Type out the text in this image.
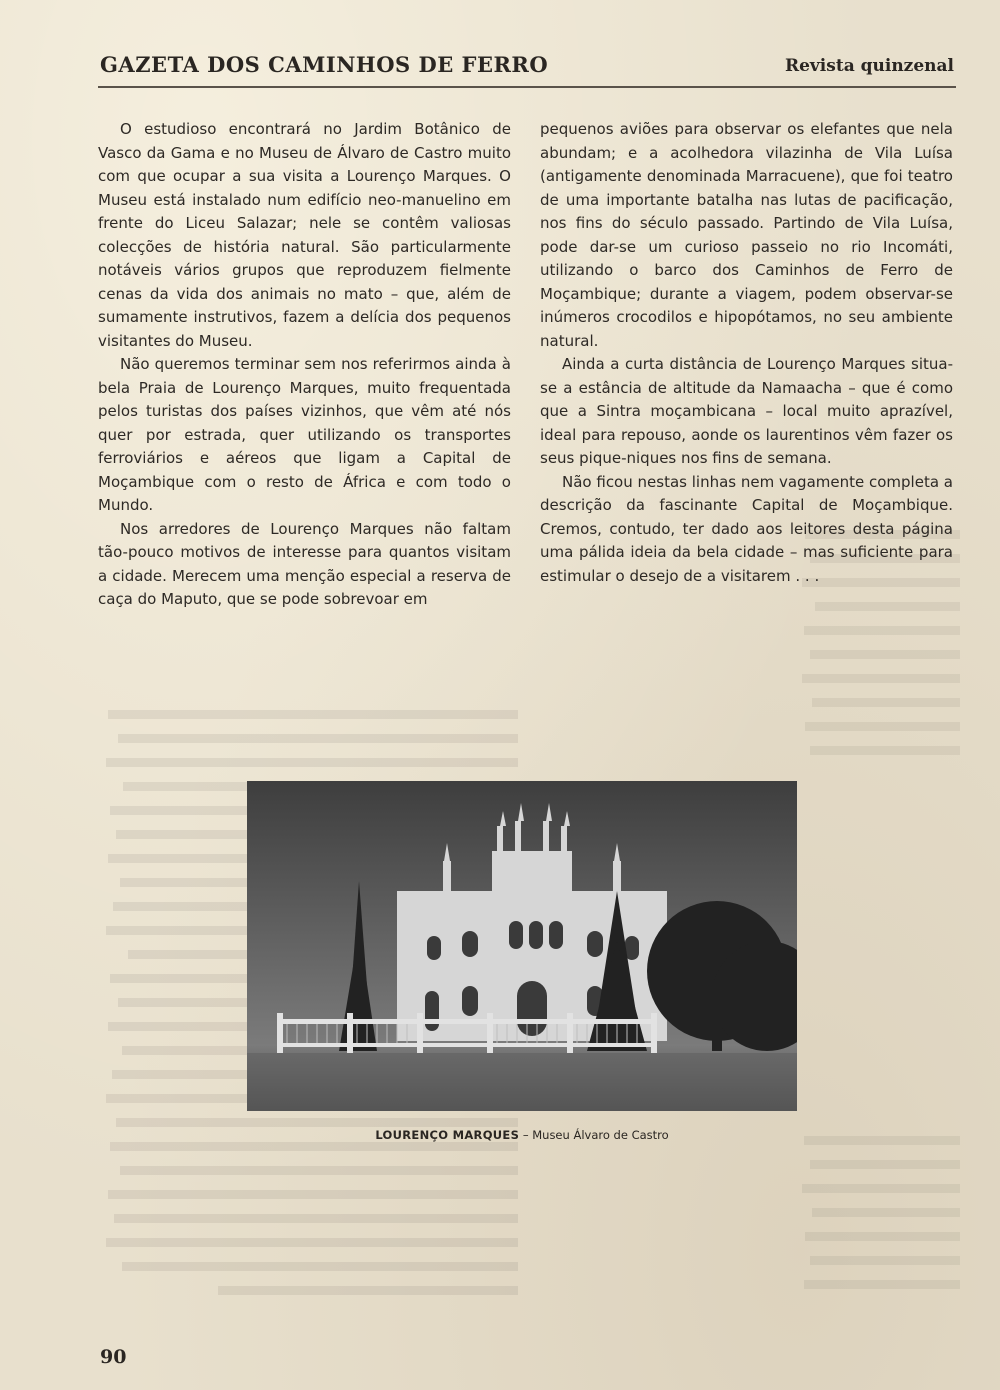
GAZETA DOS CAMINHOS DE FERRO	Revista quinzenal

O estudioso encontrará no Jardim Botânico de Vasco da Gama e no Museu de Álvaro de Castro muito com que ocupar a sua visita a Lourenço Marques. O Museu está instalado num edifício neo-manuelino em frente do Liceu Salazar; nele se contêm valiosas colecções de história natural. São particularmente notáveis vários grupos que reproduzem fielmente cenas da vida dos animais no mato – que, além de sumamente instrutivos, fazem a delícia dos pequenos visitantes do Museu.

Não queremos terminar sem nos referirmos ainda à bela Praia de Lourenço Marques, muito frequentada pelos turistas dos países vizinhos, que vêm até nós quer por estrada, quer utilizando os transportes ferroviários e aéreos que ligam a Capital de Moçambique com o resto de África e com todo o Mundo.

Nos arredores de Lourenço Marques não faltam tão-pouco motivos de interesse para quantos visitam a cidade. Merecem uma menção especial a reserva de caça do Maputo, que se pode sobrevoar em

pequenos aviões para observar os elefantes que nela abundam; e a acolhedora vilazinha de Vila Luísa (antigamente denominada Marracuene), que foi teatro de uma importante batalha nas lutas de pacificação, nos fins do século passado. Partindo de Vila Luísa, pode dar-se um curioso passeio no rio Incomáti, utilizando o barco dos Caminhos de Ferro de Moçambique; durante a viagem, podem observar-se inúmeros crocodilos e hipopótamos, no seu ambiente natural.

Ainda a curta distância de Lourenço Marques situa-se a estância de altitude da Namaacha – que é como que a Sintra moçambicana – local muito aprazível, ideal para repouso, aonde os laurentinos vêm fazer os seus pique-niques nos fins de semana.

Não ficou nestas linhas nem vagamente completa a descrição da fascinante Capital de Moçambique. Cremos, contudo, ter dado aos leitores desta página uma pálida ideia da bela cidade – mas suficiente para estimular o desejo de a visitarem . . .

LOURENÇO MARQUES – Museu Álvaro de Castro
90
